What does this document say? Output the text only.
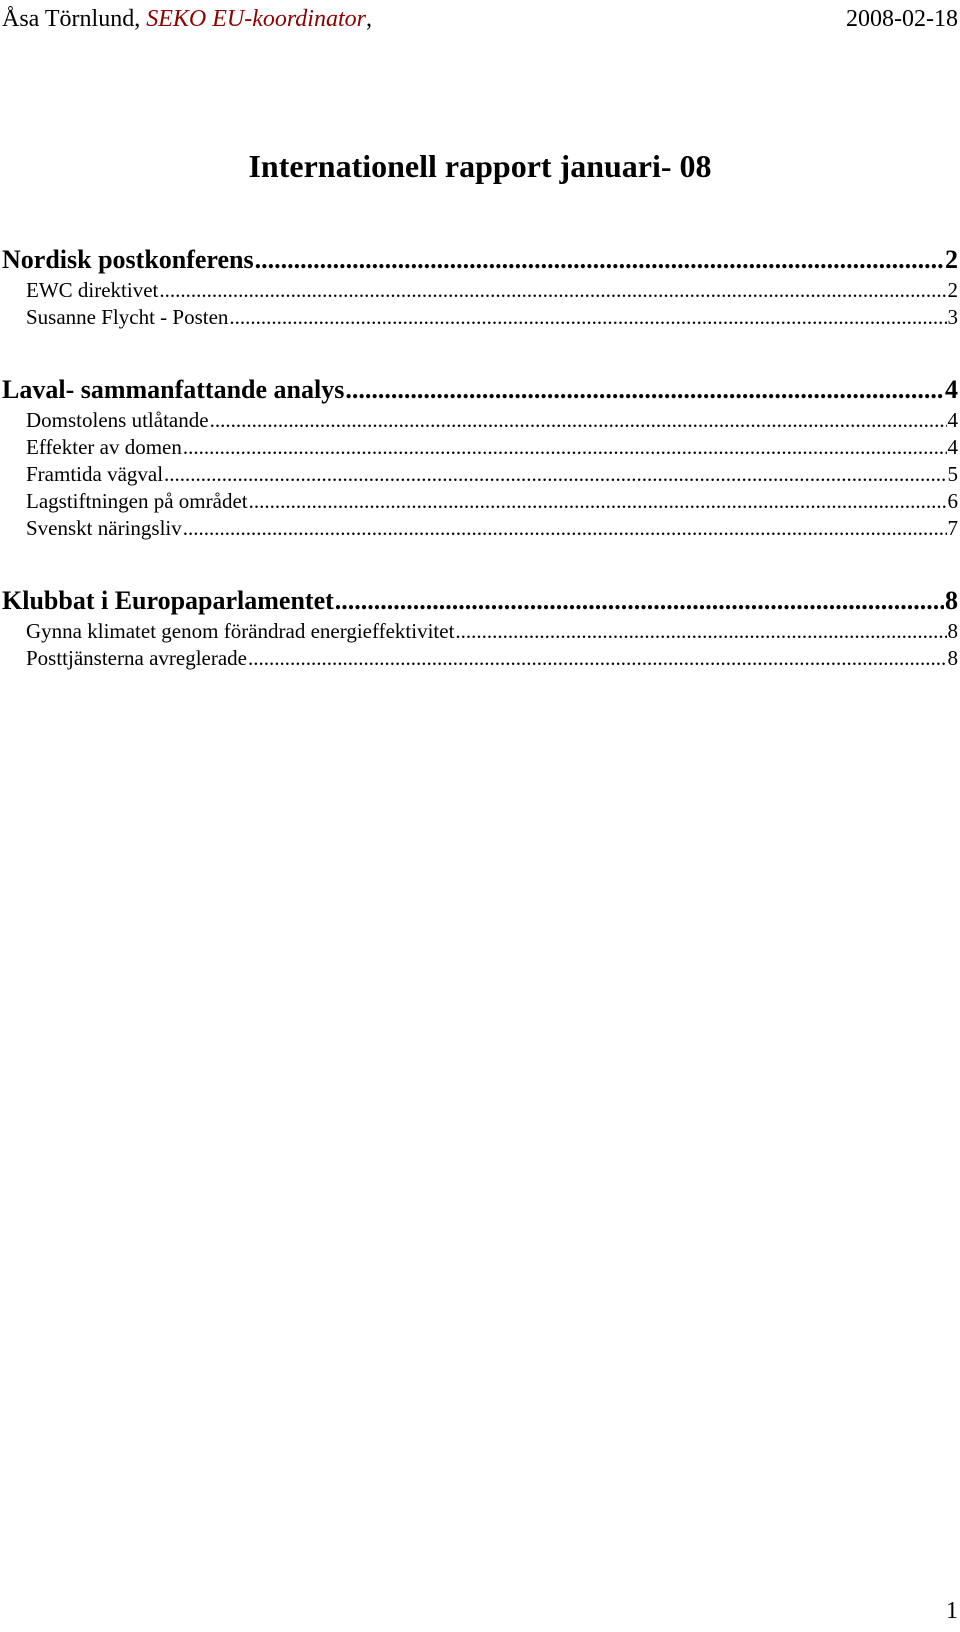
Åsa Törnlund, SEKO EU-koordinator,	2008-02-18
Internationell rapport januari- 08
Nordisk postkonferens .....	2
EWC direktivet .....	2
Susanne Flycht - Posten .....	3
Laval- sammanfattande analys .....	4
Domstolens utlåtande .....	4
Effekter av domen .....	4
Framtida vägval .....	5
Lagstiftningen på området .....	6
Svenskt näringsliv .....	7
Klubbat i Europaparlamentet .....	8
Gynna klimatet genom förändrad energieffektivitet .....	8
Posttjänsterna avreglerade .....	8
1
